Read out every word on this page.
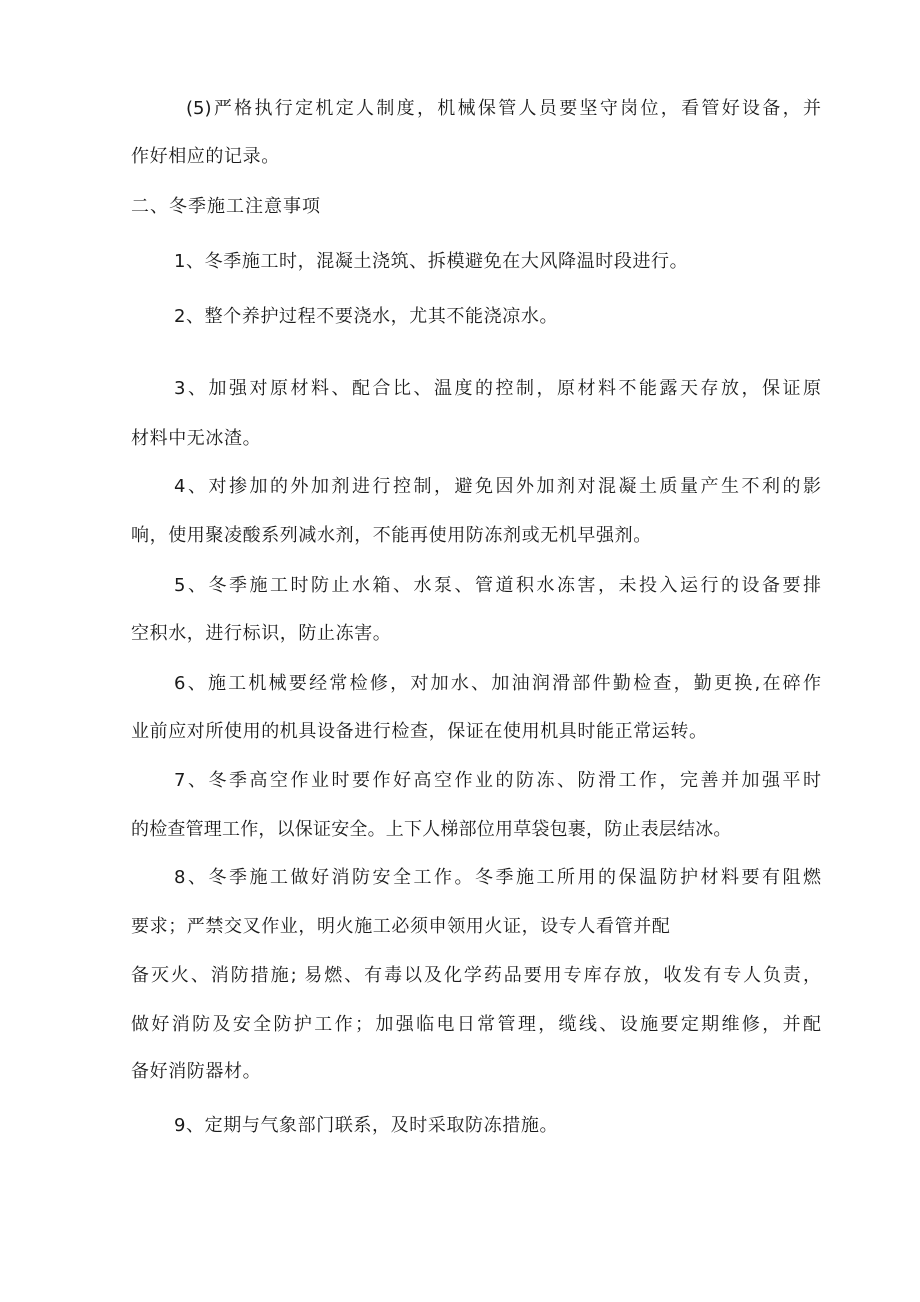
(5)严格执行定机定人制度，机械保管人员要坚守岗位，看管好设备，并

作好相应的记录。

二、冬季施工注意事项

1、冬季施工时，混凝土浇筑、拆模避免在大风降温时段进行。

2、整个养护过程不要浇水，尤其不能浇凉水。

3、加强对原材料、配合比、温度的控制，原材料不能露天存放，保证原

材料中无冰渣。

4、对掺加的外加剂进行控制，避免因外加剂对混凝土质量产生不利的影

响，使用聚凌酸系列减水剂，不能再使用防冻剂或无机早强剂。

5、冬季施工时防止水箱、水泵、管道积水冻害，未投入运行的设备要排

空积水，进行标识，防止冻害。

6、施工机械要经常检修，对加水、加油润滑部件勤检查，勤更换,在碎作

业前应对所使用的机具设备进行检查，保证在使用机具时能正常运转。

7、冬季高空作业时要作好高空作业的防冻、防滑工作，完善并加强平时

的检查管理工作，以保证安全。上下人梯部位用草袋包裹，防止表层结冰。

8、冬季施工做好消防安全工作。冬季施工所用的保温防护材料要有阻燃

要求；严禁交叉作业，明火施工必须申领用火证，设专人看管并配

备灭火、消防措施; 易燃、有毒以及化学药品要用专库存放，收发有专人负责，

做好消防及安全防护工作；加强临电日常管理，缆线、设施要定期维修，并配

备好消防器材。

9、定期与气象部门联系，及时采取防冻措施。
